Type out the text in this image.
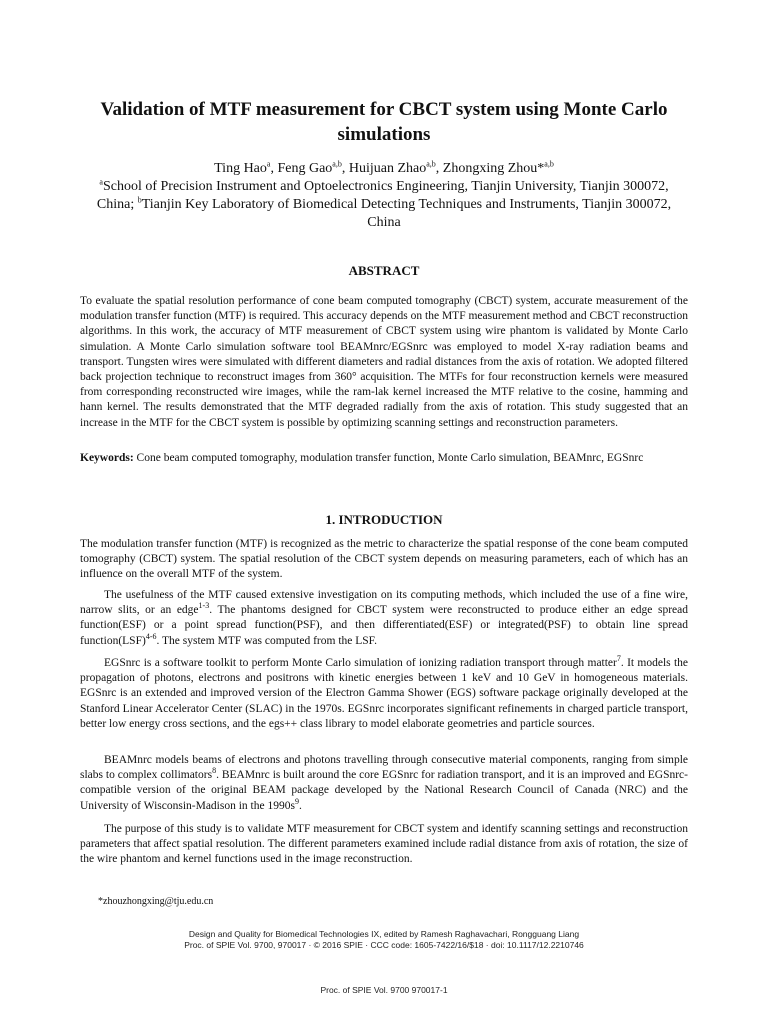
Validation of MTF measurement for CBCT system using Monte Carlo simulations
Ting Hao$^a$, Feng Gao$^{a,b}$, Huijuan Zhao$^{a,b}$, Zhongxing Zhou*$^{a,b}$
$^a$School of Precision Instrument and Optoelectronics Engineering, Tianjin University, Tianjin 300072, China; $^b$Tianjin Key Laboratory of Biomedical Detecting Techniques and Instruments, Tianjin 300072, China
ABSTRACT

To evaluate the spatial resolution performance of cone beam computed tomography (CBCT) system, accurate measurement of the modulation transfer function (MTF) is required. This accuracy depends on the MTF measurement method and CBCT reconstruction algorithms. In this work, the accuracy of MTF measurement of CBCT system using wire phantom is validated by Monte Carlo simulation. A Monte Carlo simulation software tool BEAMnrc/EGSnrc was employed to model X-ray radiation beams and transport. Tungsten wires were simulated with different diameters and radial distances from the axis of rotation. We adopted filtered back projection technique to reconstruct images from 360° acquisition. The MTFs for four reconstruction kernels were measured from corresponding reconstructed wire images, while the ram-lak kernel increased the MTF relative to the cosine, hamming and hann kernel. The results demonstrated that the MTF degraded radially from the axis of rotation. This study suggested that an increase in the MTF for the CBCT system is possible by optimizing scanning settings and reconstruction parameters.

Keywords: Cone beam computed tomography, modulation transfer function, Monte Carlo simulation, BEAMnrc, EGSnrc

1. INTRODUCTION

The modulation transfer function (MTF) is recognized as the metric to characterize the spatial response of the cone beam computed tomography (CBCT) system. The spatial resolution of the CBCT system depends on measuring parameters, each of which has an influence on the overall MTF of the system.

The usefulness of the MTF caused extensive investigation on its computing methods, which included the use of a fine wire, narrow slits, or an edge$^{1-3}$. The phantoms designed for CBCT system were reconstructed to produce either an edge spread function(ESF) or a point spread function(PSF), and then differentiated(ESF) or integrated(PSF) to obtain line spread function(LSF)$^{4-6}$. The system MTF was computed from the LSF.

EGSnrc is a software toolkit to perform Monte Carlo simulation of ionizing radiation transport through matter$^7$. It models the propagation of photons, electrons and positrons with kinetic energies between 1 keV and 10 GeV in homogeneous materials. EGSnrc is an extended and improved version of the Electron Gamma Shower (EGS) software package originally developed at the Stanford Linear Accelerator Center (SLAC) in the 1970s. EGSnrc incorporates significant refinements in charged particle transport, better low energy cross sections, and the egs++ class library to model elaborate geometries and particle sources.

BEAMnrc models beams of electrons and photons travelling through consecutive material components, ranging from simple slabs to complex collimators$^8$. BEAMnrc is built around the core EGSnrc for radiation transport, and it is an improved and EGSnrc-compatible version of the original BEAM package developed by the National Research Council of Canada (NRC) and the University of Wisconsin-Madison in the $1990s^9$.

The purpose of this study is to validate MTF measurement for CBCT system and identify scanning settings and reconstruction parameters that affect spatial resolution. The different parameters examined include radial distance from axis of rotation, the size of the wire phantom and kernel functions used in the image reconstruction.

*zhouzhongxing@tju.edu.cn
Design and Quality for Biomedical Technologies IX, edited by Ramesh Raghavachari, Rongguang Liang
Proc. of SPIE Vol. 9700, 970017 · © 2016 SPIE · CCC code: 1605-7422/16/$18 · doi: 10.1117/12.2210746
Proc. of SPIE Vol. 9700 970017-1
